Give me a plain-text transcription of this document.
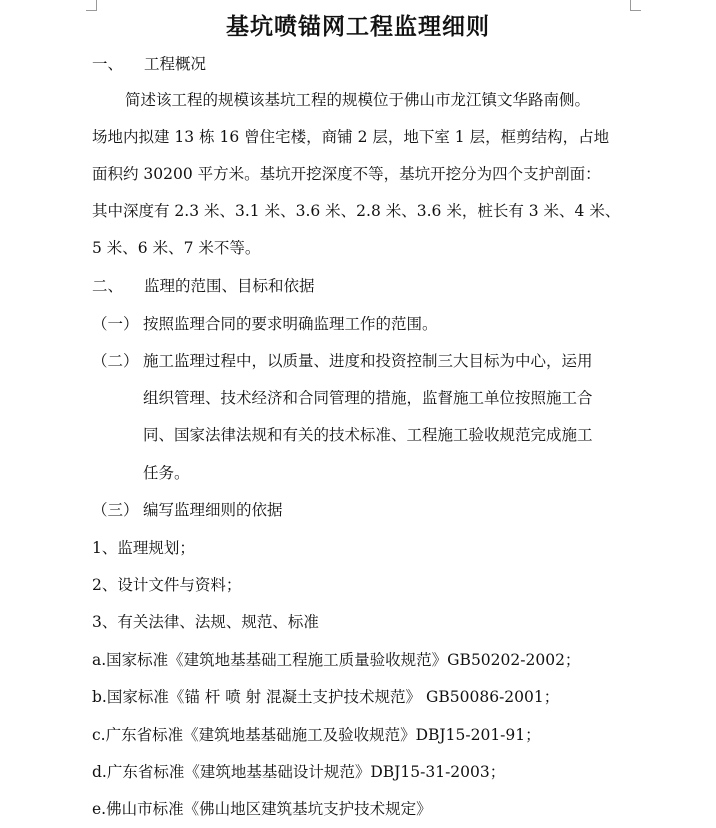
基坑喷锚网工程监理细则
一、 工程概况
简述该工程的规模该基坑工程的规模位于佛山市龙江镇文华路南侧。
场地内拟建 13 栋 16 曾住宅楼，商铺 2 层，地下室 1 层，框剪结构，占地
面积约 30200 平方米。基坑开挖深度不等，基坑开挖分为四个支护剖面：
其中深度有 2.3 米、3.1 米、3.6 米、2.8 米、3.6 米，桩长有 3 米、4 米、
5 米、6 米、7 米不等。
二、 监理的范围、目标和依据
（一） 按照监理合同的要求明确监理工作的范围。
（二） 施工监理过程中，以质量、进度和投资控制三大目标为中心，运用
组织管理、技术经济和合同管理的措施，监督施工单位按照施工合
同、国家法律法规和有关的技术标准、工程施工验收规范完成施工
任务。
（三） 编写监理细则的依据
1、监理规划；
2、设计文件与资料；
3、有关法律、法规、规范、标准
a.国家标准《建筑地基基础工程施工质量验收规范》GB50202-2002；
b.国家标准《锚 杆 喷 射 混凝土支护技术规范》 GB50086-2001；
c.广东省标准《建筑地基基础施工及验收规范》DBJ15-201-91；
d.广东省标准《建筑地基基础设计规范》DBJ15-31-2003；
e.佛山市标准《佛山地区建筑基坑支护技术规定》
